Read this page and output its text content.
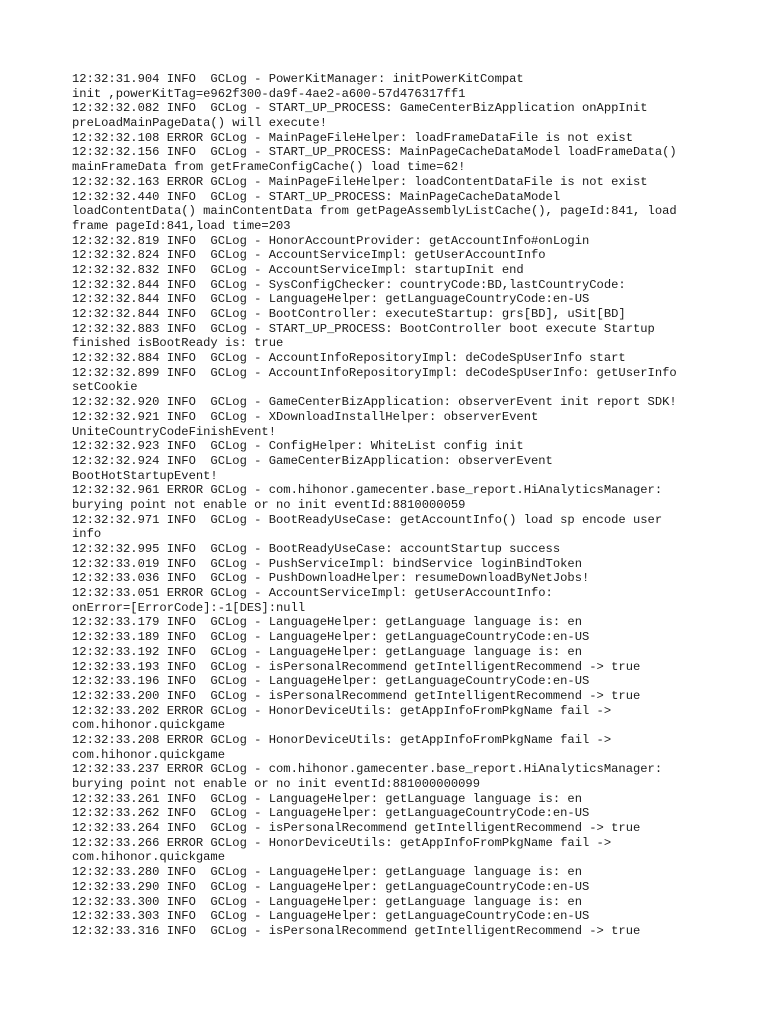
12:32:31.904 INFO  GCLog - PowerKitManager: initPowerKitCompat
init ,powerKitTag=e962f300-da9f-4ae2-a600-57d476317ff1
12:32:32.082 INFO  GCLog - START_UP_PROCESS: GameCenterBizApplication onAppInit
preLoadMainPageData() will execute!
12:32:32.108 ERROR GCLog - MainPageFileHelper: loadFrameDataFile is not exist
12:32:32.156 INFO  GCLog - START_UP_PROCESS: MainPageCacheDataModel loadFrameData()
mainFrameData from getFrameConfigCache() load time=62!
12:32:32.163 ERROR GCLog - MainPageFileHelper: loadContentDataFile is not exist
12:32:32.440 INFO  GCLog - START_UP_PROCESS: MainPageCacheDataModel
loadContentData() mainContentData from getPageAssemblyListCache(), pageId:841, load
frame pageId:841,load time=203
12:32:32.819 INFO  GCLog - HonorAccountProvider: getAccountInfo#onLogin
12:32:32.824 INFO  GCLog - AccountServiceImpl: getUserAccountInfo
12:32:32.832 INFO  GCLog - AccountServiceImpl: startupInit end
12:32:32.844 INFO  GCLog - SysConfigChecker: countryCode:BD,lastCountryCode:
12:32:32.844 INFO  GCLog - LanguageHelper: getLanguageCountryCode:en-US
12:32:32.844 INFO  GCLog - BootController: executeStartup: grs[BD], uSit[BD]
12:32:32.883 INFO  GCLog - START_UP_PROCESS: BootController boot execute Startup
finished isBootReady is: true
12:32:32.884 INFO  GCLog - AccountInfoRepositoryImpl: deCodeSpUserInfo start
12:32:32.899 INFO  GCLog - AccountInfoRepositoryImpl: deCodeSpUserInfo: getUserInfo
setCookie
12:32:32.920 INFO  GCLog - GameCenterBizApplication: observerEvent init report SDK!
12:32:32.921 INFO  GCLog - XDownloadInstallHelper: observerEvent
UniteCountryCodeFinishEvent!
12:32:32.923 INFO  GCLog - ConfigHelper: WhiteList config init
12:32:32.924 INFO  GCLog - GameCenterBizApplication: observerEvent
BootHotStartupEvent!
12:32:32.961 ERROR GCLog - com.hihonor.gamecenter.base_report.HiAnalyticsManager:
burying point not enable or no init eventId:8810000059
12:32:32.971 INFO  GCLog - BootReadyUseCase: getAccountInfo() load sp encode user
info
12:32:32.995 INFO  GCLog - BootReadyUseCase: accountStartup success
12:32:33.019 INFO  GCLog - PushServiceImpl: bindService loginBindToken
12:32:33.036 INFO  GCLog - PushDownloadHelper: resumeDownloadByNetJobs!
12:32:33.051 ERROR GCLog - AccountServiceImpl: getUserAccountInfo:
onError=[ErrorCode]:-1[DES]:null
12:32:33.179 INFO  GCLog - LanguageHelper: getLanguage language is: en
12:32:33.189 INFO  GCLog - LanguageHelper: getLanguageCountryCode:en-US
12:32:33.192 INFO  GCLog - LanguageHelper: getLanguage language is: en
12:32:33.193 INFO  GCLog - isPersonalRecommend getIntelligentRecommend -> true
12:32:33.196 INFO  GCLog - LanguageHelper: getLanguageCountryCode:en-US
12:32:33.200 INFO  GCLog - isPersonalRecommend getIntelligentRecommend -> true
12:32:33.202 ERROR GCLog - HonorDeviceUtils: getAppInfoFromPkgName fail ->
com.hihonor.quickgame
12:32:33.208 ERROR GCLog - HonorDeviceUtils: getAppInfoFromPkgName fail ->
com.hihonor.quickgame
12:32:33.237 ERROR GCLog - com.hihonor.gamecenter.base_report.HiAnalyticsManager:
burying point not enable or no init eventId:881000000099
12:32:33.261 INFO  GCLog - LanguageHelper: getLanguage language is: en
12:32:33.262 INFO  GCLog - LanguageHelper: getLanguageCountryCode:en-US
12:32:33.264 INFO  GCLog - isPersonalRecommend getIntelligentRecommend -> true
12:32:33.266 ERROR GCLog - HonorDeviceUtils: getAppInfoFromPkgName fail ->
com.hihonor.quickgame
12:32:33.280 INFO  GCLog - LanguageHelper: getLanguage language is: en
12:32:33.290 INFO  GCLog - LanguageHelper: getLanguageCountryCode:en-US
12:32:33.300 INFO  GCLog - LanguageHelper: getLanguage language is: en
12:32:33.303 INFO  GCLog - LanguageHelper: getLanguageCountryCode:en-US
12:32:33.316 INFO  GCLog - isPersonalRecommend getIntelligentRecommend -> true
